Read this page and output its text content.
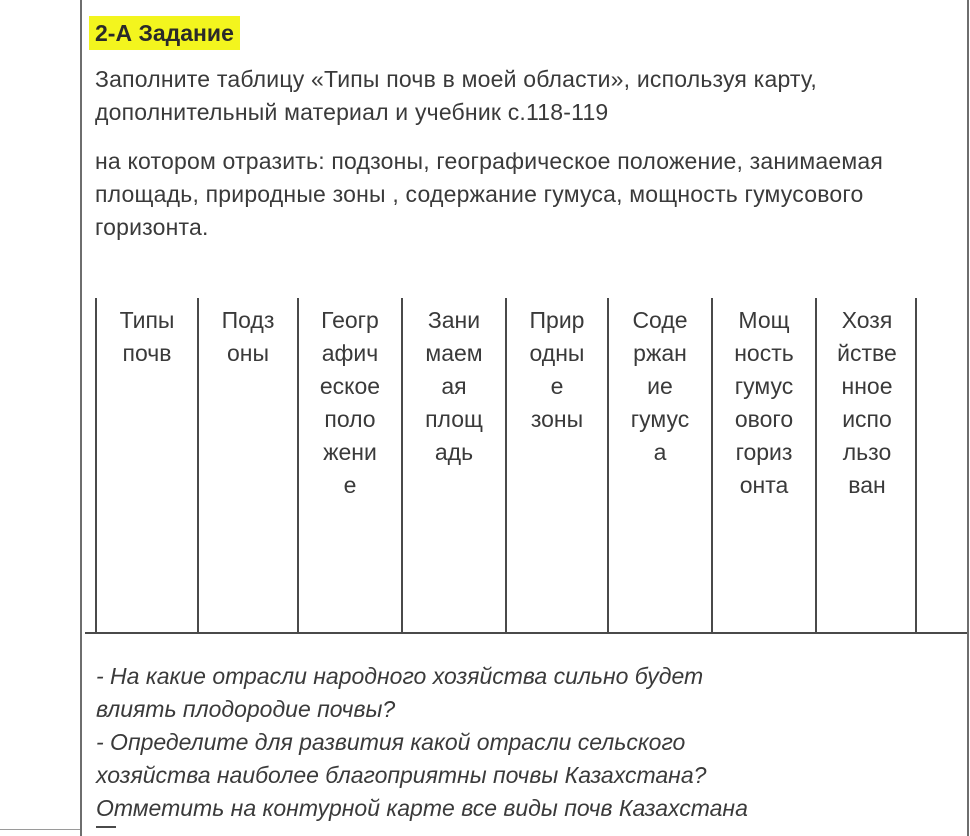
2-А Задание
Заполните таблицу «Типы почв в моей области», используя карту, дополнительный материал и учебник с.118-119
на котором отразить: подзоны, географическое положение, занимаемая площадь, природные зоны , содержание гумуса, мощность гумусового горизонта.
Типы
почв
Подз
оны
Геогр
афич
еское
поло
жени
е
Зани
маем
ая
площ
адь
Прир
одны
е
зоны
Соде
ржан
ие
гумус
а
Мощ
ность
гумус
ового
гориз
онта
Хозя
йстве
нное
испо
льзо
ван
- На какие отрасли народного хозяйства сильно будет
влиять плодородие почвы?
- Определите для развития какой отрасли сельского
хозяйства наиболее благоприятны почвы Казахстана?
Отметить на контурной карте все виды почв Казахстана
